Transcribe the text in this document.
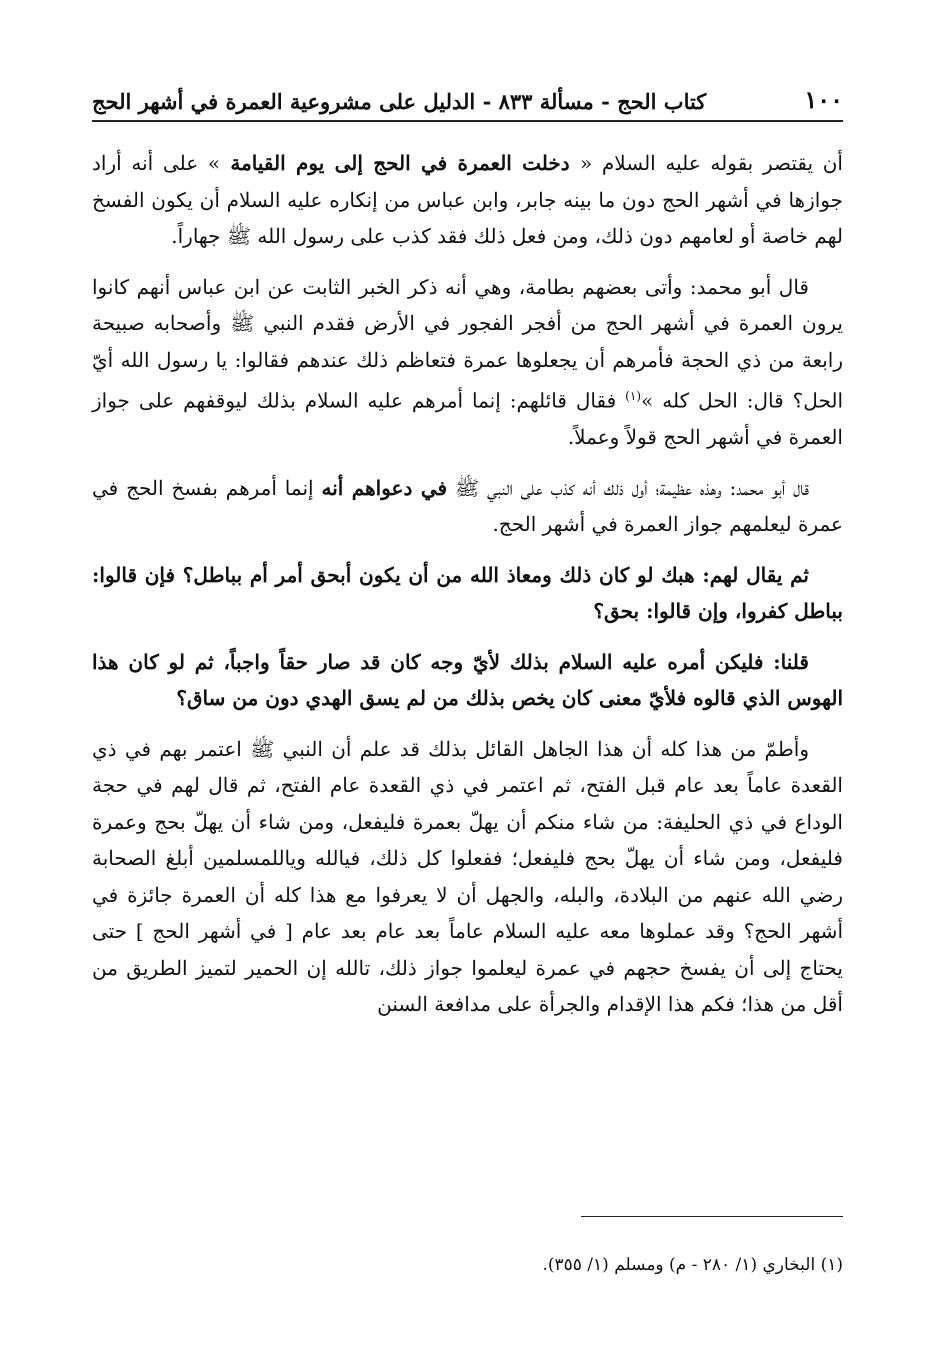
١٠٠
كتاب الحج - مسألة ٨٣٣ - الدليل على مشروعية العمرة في أشهر الحج

أن يقتصر بقوله عليه السلام « دخلت العمرة في الحج إلى يوم القيامة » على أنه أراد جوازها في أشهر الحج دون ما بينه جابر، وابن عباس من إنكاره عليه السلام أن يكون الفسخ لهم خاصة أو لعامهم دون ذلك، ومن فعل ذلك فقد كذب على رسول الله ﷺ جهاراً.

قال أبو محمد: وأتى بعضهم بطامة، وهي أنه ذكر الخبر الثابت عن ابن عباس أنهم كانوا يرون العمرة في أشهر الحج من أفجر الفجور في الأرض فقدم النبي ﷺ وأصحابه صبيحة رابعة من ذي الحجة فأمرهم أن يجعلوها عمرة فتعاظم ذلك عندهم فقالوا: يا رسول الله أيّ الحل؟ قال: الحل كله »$^{(١)}$ فقال قائلهم: إنما أمرهم عليه السلام بذلك ليوقفهم على جواز العمرة في أشهر الحج قولاً وعملاً.

قال أبو محمد: وهذه عظيمة؛ أول ذلك أنه كذب على النبي ﷺ في دعواهم أنه إنما أمرهم بفسخ الحج في عمرة ليعلمهم جواز العمرة في أشهر الحج.

ثم يقال لهم: هبك لو كان ذلك ومعاذ الله من أن يكون أبحق أمر أم بباطل؟ فإن قالوا: بباطل كفروا، وإن قالوا: بحق؟

قلنا: فليكن أمره عليه السلام بذلك لأيّ وجه كان قد صار حقاً واجباً، ثم لو كان هذا الهوس الذي قالوه فلأيّ معنى كان يخص بذلك من لم يسق الهدي دون من ساق؟

وأطمّ من هذا كله أن هذا الجاهل القائل بذلك قد علم أن النبي ﷺ اعتمر بهم في ذي القعدة عاماً بعد عام قبل الفتح، ثم اعتمر في ذي القعدة عام الفتح، ثم قال لهم في حجة الوداع في ذي الحليفة: من شاء منكم أن يهلّ بعمرة فليفعل، ومن شاء أن يهلّ بحج وعمرة فليفعل، ومن شاء أن يهلّ بحج فليفعل؛ ففعلوا كل ذلك، فيالله وياللمسلمين أبلغ الصحابة رضي الله عنهم من البلادة، والبله، والجهل أن لا يعرفوا مع هذا كله أن العمرة جائزة في أشهر الحج؟ وقد عملوها معه عليه السلام عاماً بعد عام بعد عام [ في أشهر الحج ] حتى يحتاج إلى أن يفسخ حجهم في عمرة ليعلموا جواز ذلك، تالله إن الحمير لتميز الطريق من أقل من هذا؛ فكم هذا الإقدام والجرأة على مدافعة السنن

(١) البخاري (١/ ٢٨٠ - م) ومسلم (١/ ٣٥٥).
